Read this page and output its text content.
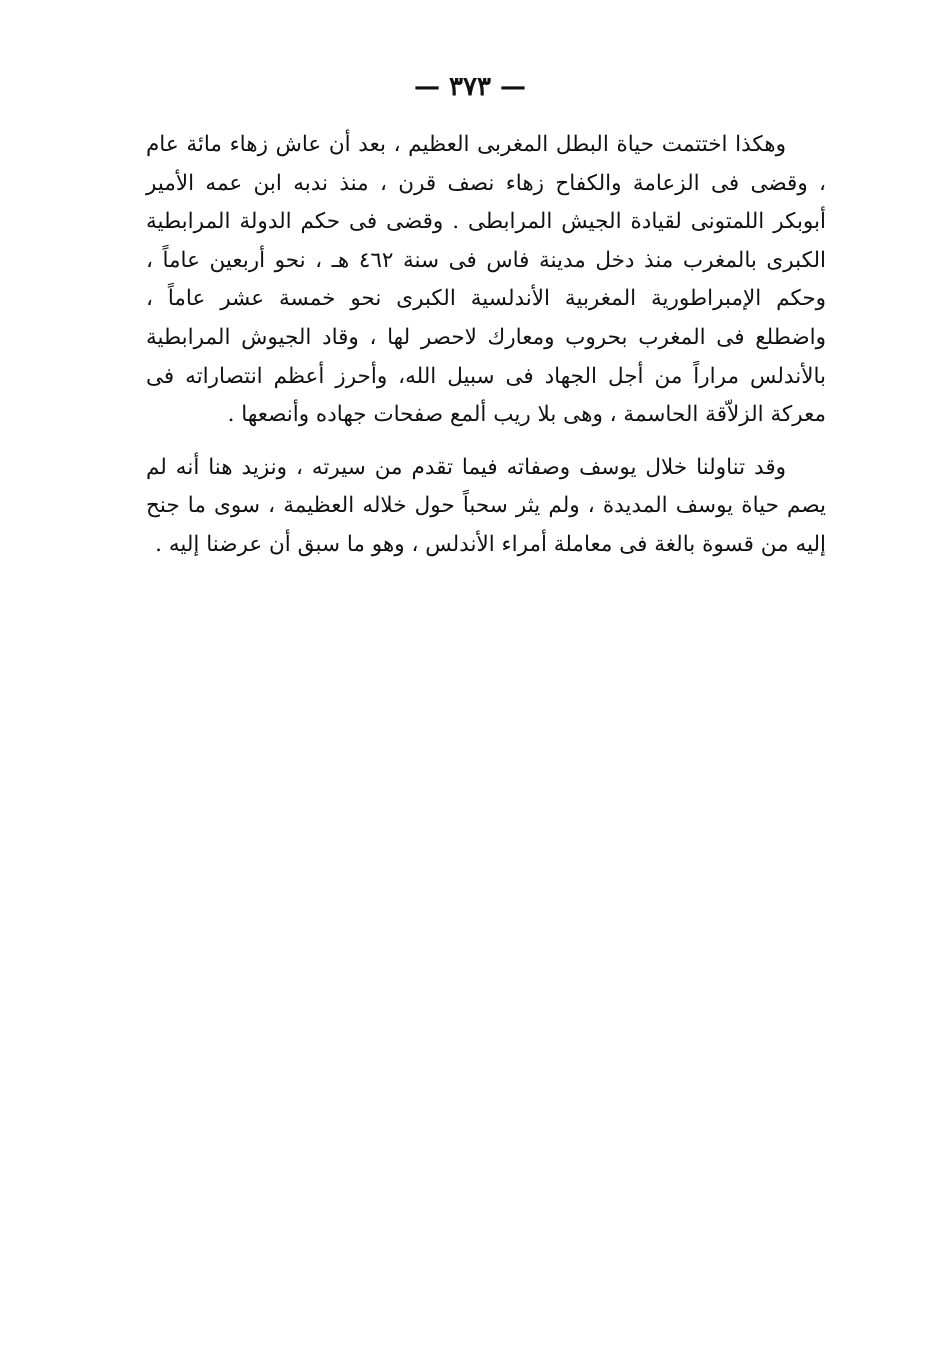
— ٣٧٣ —

وهكذا اختتمت حياة البطل المغربى العظيم ، بعد أن عاش زهاء مائة عام ، وقضى فى الزعامة والكفاح زهاء نصف قرن ، منذ ندبه ابن عمه الأمير أبوبكر اللمتونى لقيادة الجيش المرابطى . وقضى فى حكم الدولة المرابطية الكبرى بالمغرب منذ دخل مدينة فاس فى سنة ٤٦٢ هـ ، نحو أربعين عاماً ، وحكم الإمبراطورية المغربية الأندلسية الكبرى نحو خمسة عشر عاماً ، واضطلع فى المغرب بحروب ومعارك لاحصر لها ، وقاد الجيوش المرابطية بالأندلس مراراً من أجل الجهاد فى سبيل الله، وأحرز أعظم انتصاراته فى معركة الزلاّقة الحاسمة ، وهى بلا ريب ألمع صفحات جهاده وأنصعها .

وقد تناولنا خلال يوسف وصفاته فيما تقدم من سيرته ، ونزيد هنا أنه لم يصم حياة يوسف المديدة ، ولم يثر سحباً حول خلاله العظيمة ، سوى ما جنح إليه من قسوة بالغة فى معاملة أمراء الأندلس ، وهو ما سبق أن عرضنا إليه .
